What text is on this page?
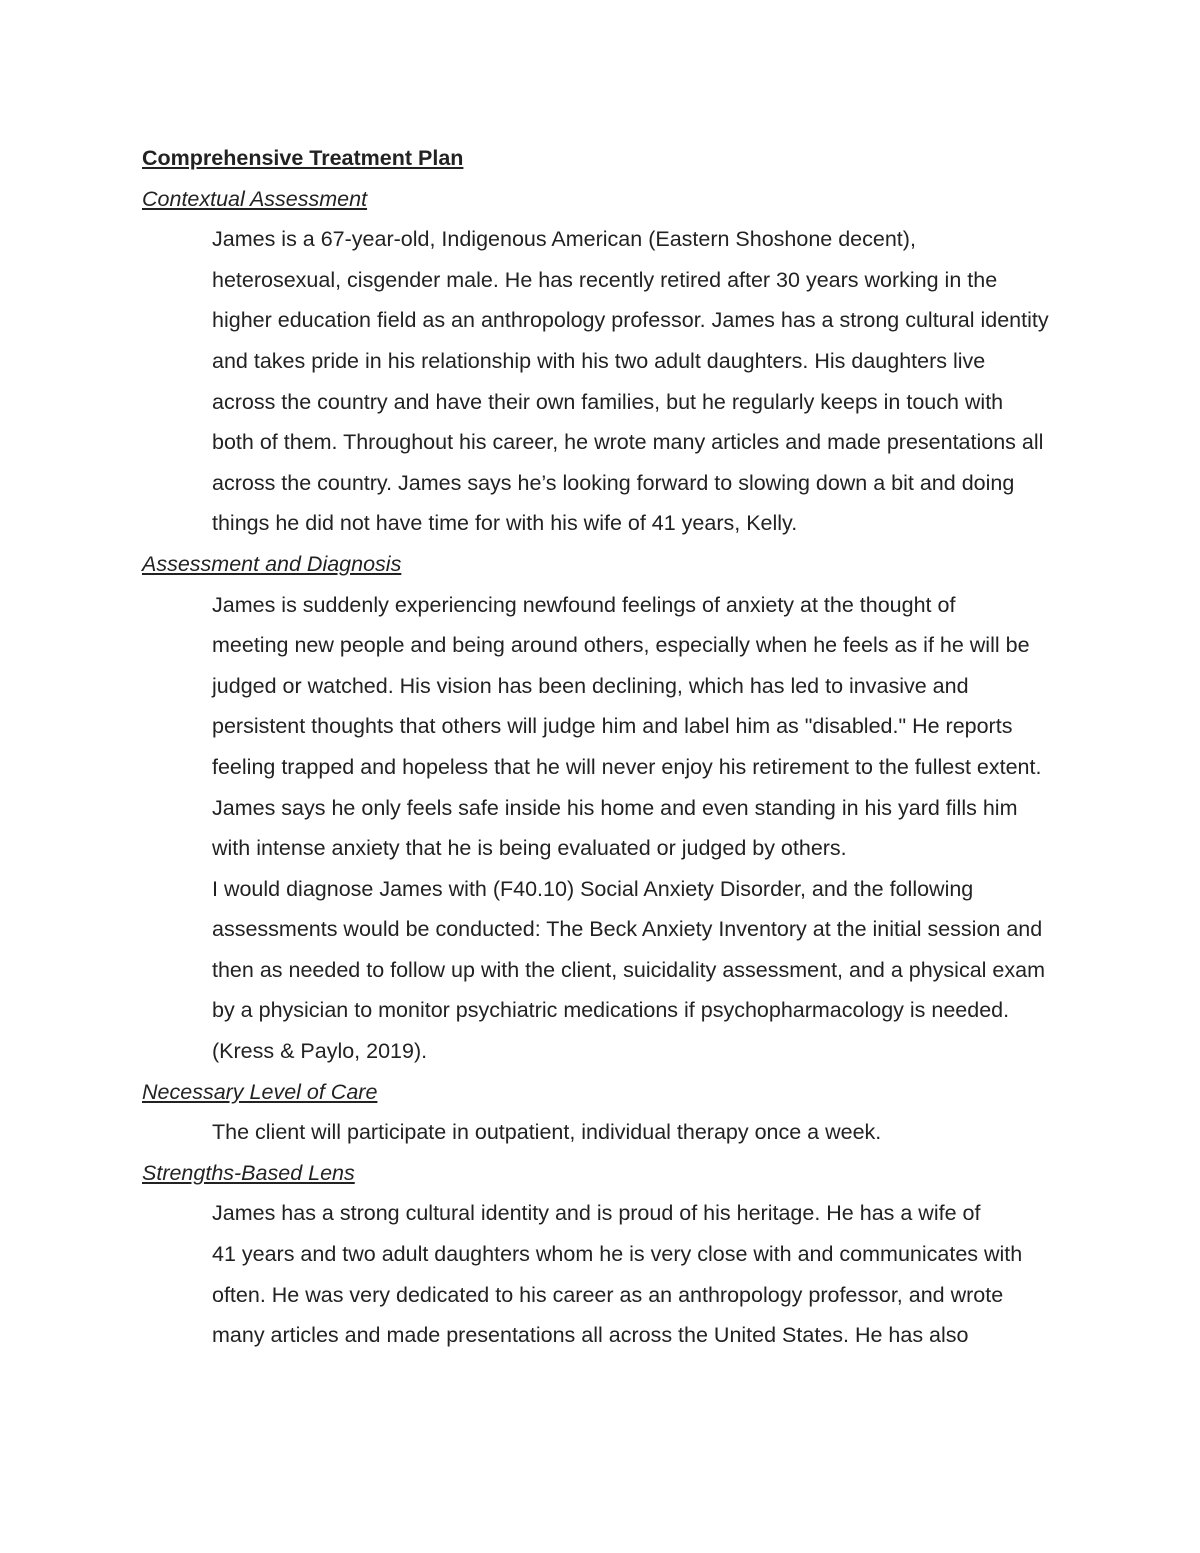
Comprehensive Treatment Plan

Contextual Assessment

James is a 67-year-old, Indigenous American (Eastern Shoshone decent),
heterosexual, cisgender male. He has recently retired after 30 years working in the
higher education field as an anthropology professor. James has a strong cultural identity
and takes pride in his relationship with his two adult daughters. His daughters live
across the country and have their own families, but he regularly keeps in touch with
both of them. Throughout his career, he wrote many articles and made presentations all
across the country. James says he’s looking forward to slowing down a bit and doing
things he did not have time for with his wife of 41 years, Kelly.

Assessment and Diagnosis

James is suddenly experiencing newfound feelings of anxiety at the thought of
meeting new people and being around others, especially when he feels as if he will be
judged or watched. His vision has been declining, which has led to invasive and
persistent thoughts that others will judge him and label him as "disabled." He reports
feeling trapped and hopeless that he will never enjoy his retirement to the fullest extent.
James says he only feels safe inside his home and even standing in his yard fills him
with intense anxiety that he is being evaluated or judged by others.

I would diagnose James with (F40.10) Social Anxiety Disorder, and the following
assessments would be conducted: The Beck Anxiety Inventory at the initial session and
then as needed to follow up with the client, suicidality assessment, and a physical exam
by a physician to monitor psychiatric medications if psychopharmacology is needed.
(Kress & Paylo, 2019).

Necessary Level of Care

The client will participate in outpatient, individual therapy once a week.

Strengths-Based Lens

James has a strong cultural identity and is proud of his heritage. He has a wife of
41 years and two adult daughters whom he is very close with and communicates with
often. He was very dedicated to his career as an anthropology professor, and wrote
many articles and made presentations all across the United States. He has also
